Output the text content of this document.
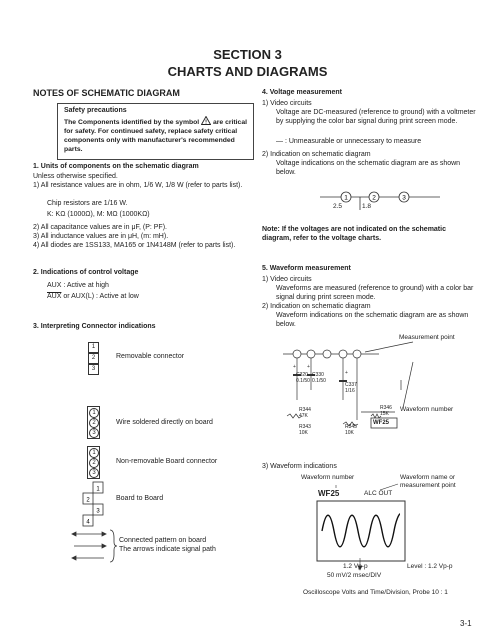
SECTION 3
CHARTS AND DIAGRAMS
NOTES OF SCHEMATIC DIAGRAM
Safety precautions
The Components identified by the symbol ! are critical for safety. For continued safety, replace safety critical components only with manufacturer's recommended parts.
1. Units of components on the schematic diagram
Unless otherwise specified.
1) All resistance values are in ohm, 1/6 W, 1/8 W (refer to parts list).
Chip resistors are 1/16 W.
K: KΩ (1000Ω), M: MΩ (1000KΩ)
2) All capacitance values are in μF, (P: PF).
3) All inductance values are in μH, (m: mH).
4) All diodes are 1SS133, MA165 or 1N4148M (refer to parts list).
2. Indications of control voltage
AUX : Active at high
$\overline{AUX}$ or AUX(L) : Active at low
3. Interpreting Connector indications
1
2
3
Removable connector
1
2
3
Wire soldered directly on board
1
2
3
Non-removable Board connector
1
2
3
4
Board to Board
Connected pattern on board
The arrows indicate signal path
4. Voltage measurement
1) Video circuits
Voltage are DC-measured (reference to ground) with a voltmeter by supplying the color bar signal during print screen mode.
— : Unmeasurable or unnecessary to measure
2) Indication on schematic diagram
Voltage indications on the schematic diagram are as shown below.
1	2	3
2.5	1.8
Note: If the voltages are not indicated on the schematic diagram, refer to the voltage charts.
5. Waveform measurement
1) Video circuits
Waveforms are measured (reference to ground) with a color bar signal during print screen mode.
2) Indication on schematic diagram
Waveform indications on the schematic diagram are as shown below.
Measurement point
+ +
+
C320
0.1/50
C330
0.1/50
C337
1/16
R344
47K
R343
10K
R345
10K
R346
15K
WF25
Waveform number
3) Waveform indications
Waveform number	Waveform name or measurement point
WF25	ALC OUT
1.2 Vp-p
50 mV/2 msec/DIV
Level : 1.2 Vp-p
Oscilloscope Volts and Time/Division, Probe 10 : 1
3-1
